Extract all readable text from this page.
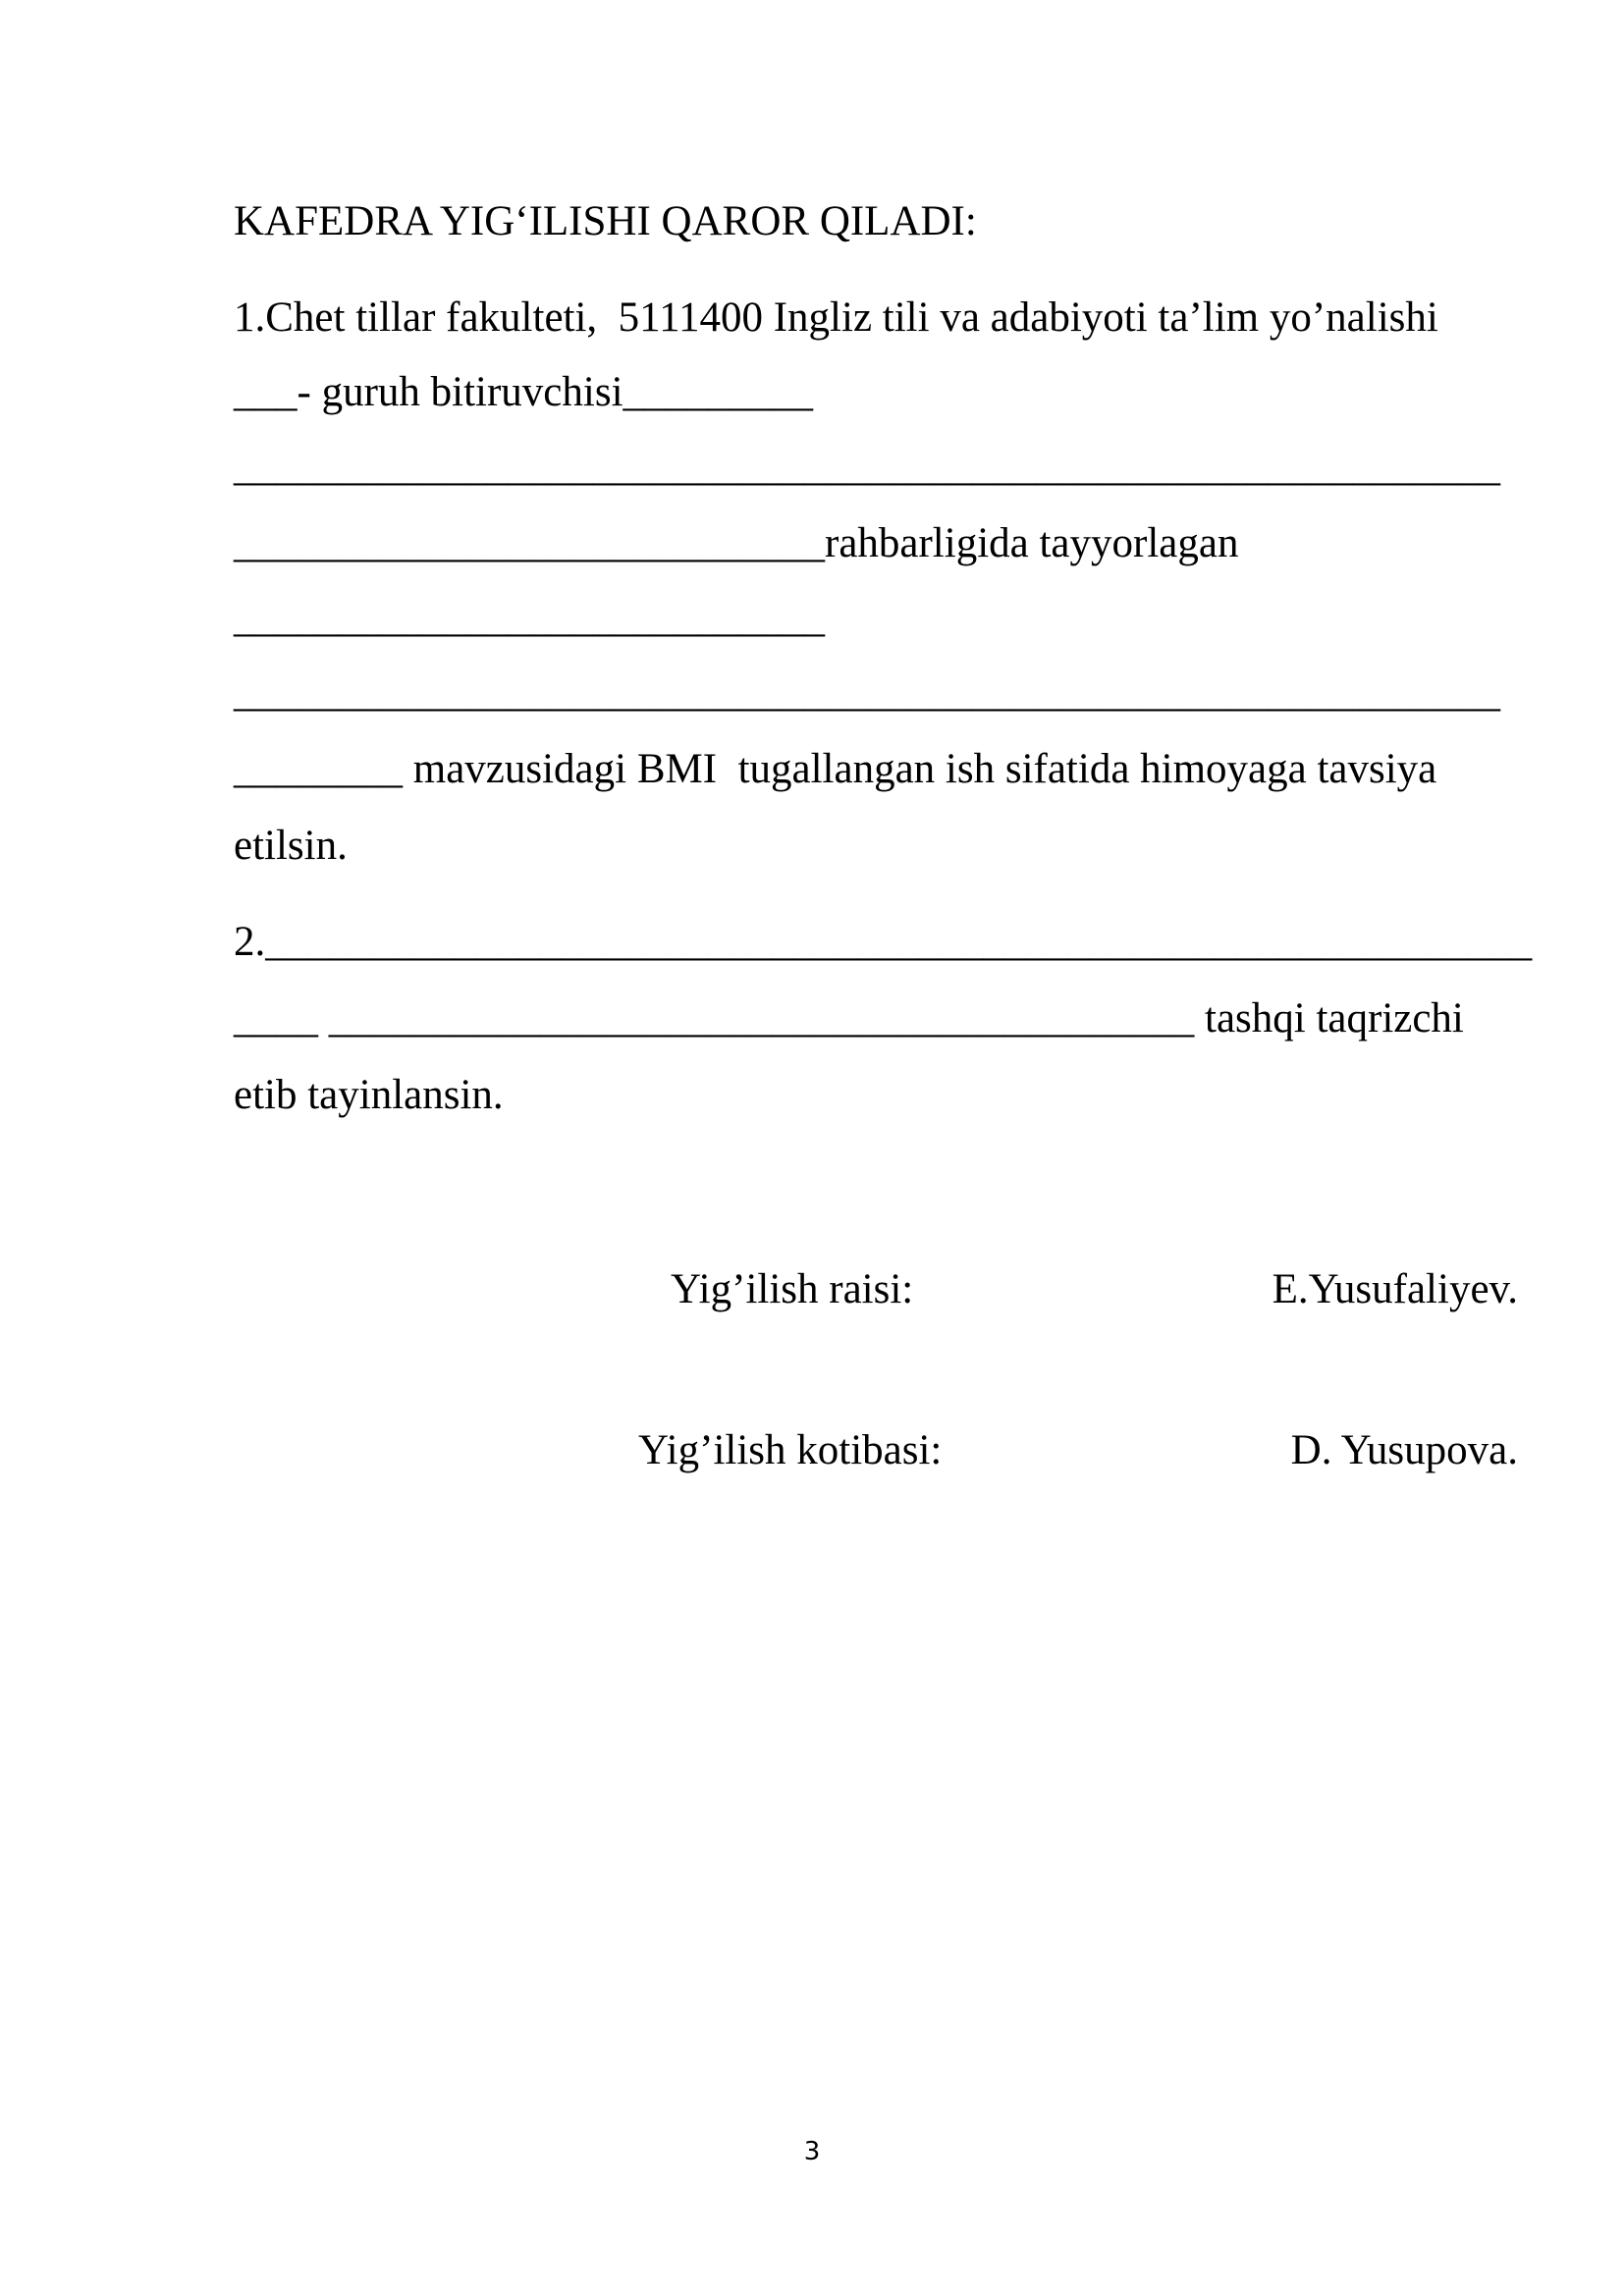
KAFEDRA YIG‘ILISHI QAROR QILADI:
1.Chet tillar fakulteti,  5111400 Ingliz tili va adabiyoti ta’lim yo’nalishi
___- guruh bitiruvchisi_________
____________________________________________________________
____________________________rahbarligida tayyorlagan
____________________________
____________________________________________________________
________ mavzusidagi BMI  tugallangan ish sifatida himoyaga tavsiya
etilsin.
2.____________________________________________________________
____ _________________________________________ tashqi taqrizchi
etib tayinlansin.
Yig’ilish raisi:	E.Yusufaliyev.
Yig’ilish kotibasi:	D. Yusupova.
3
